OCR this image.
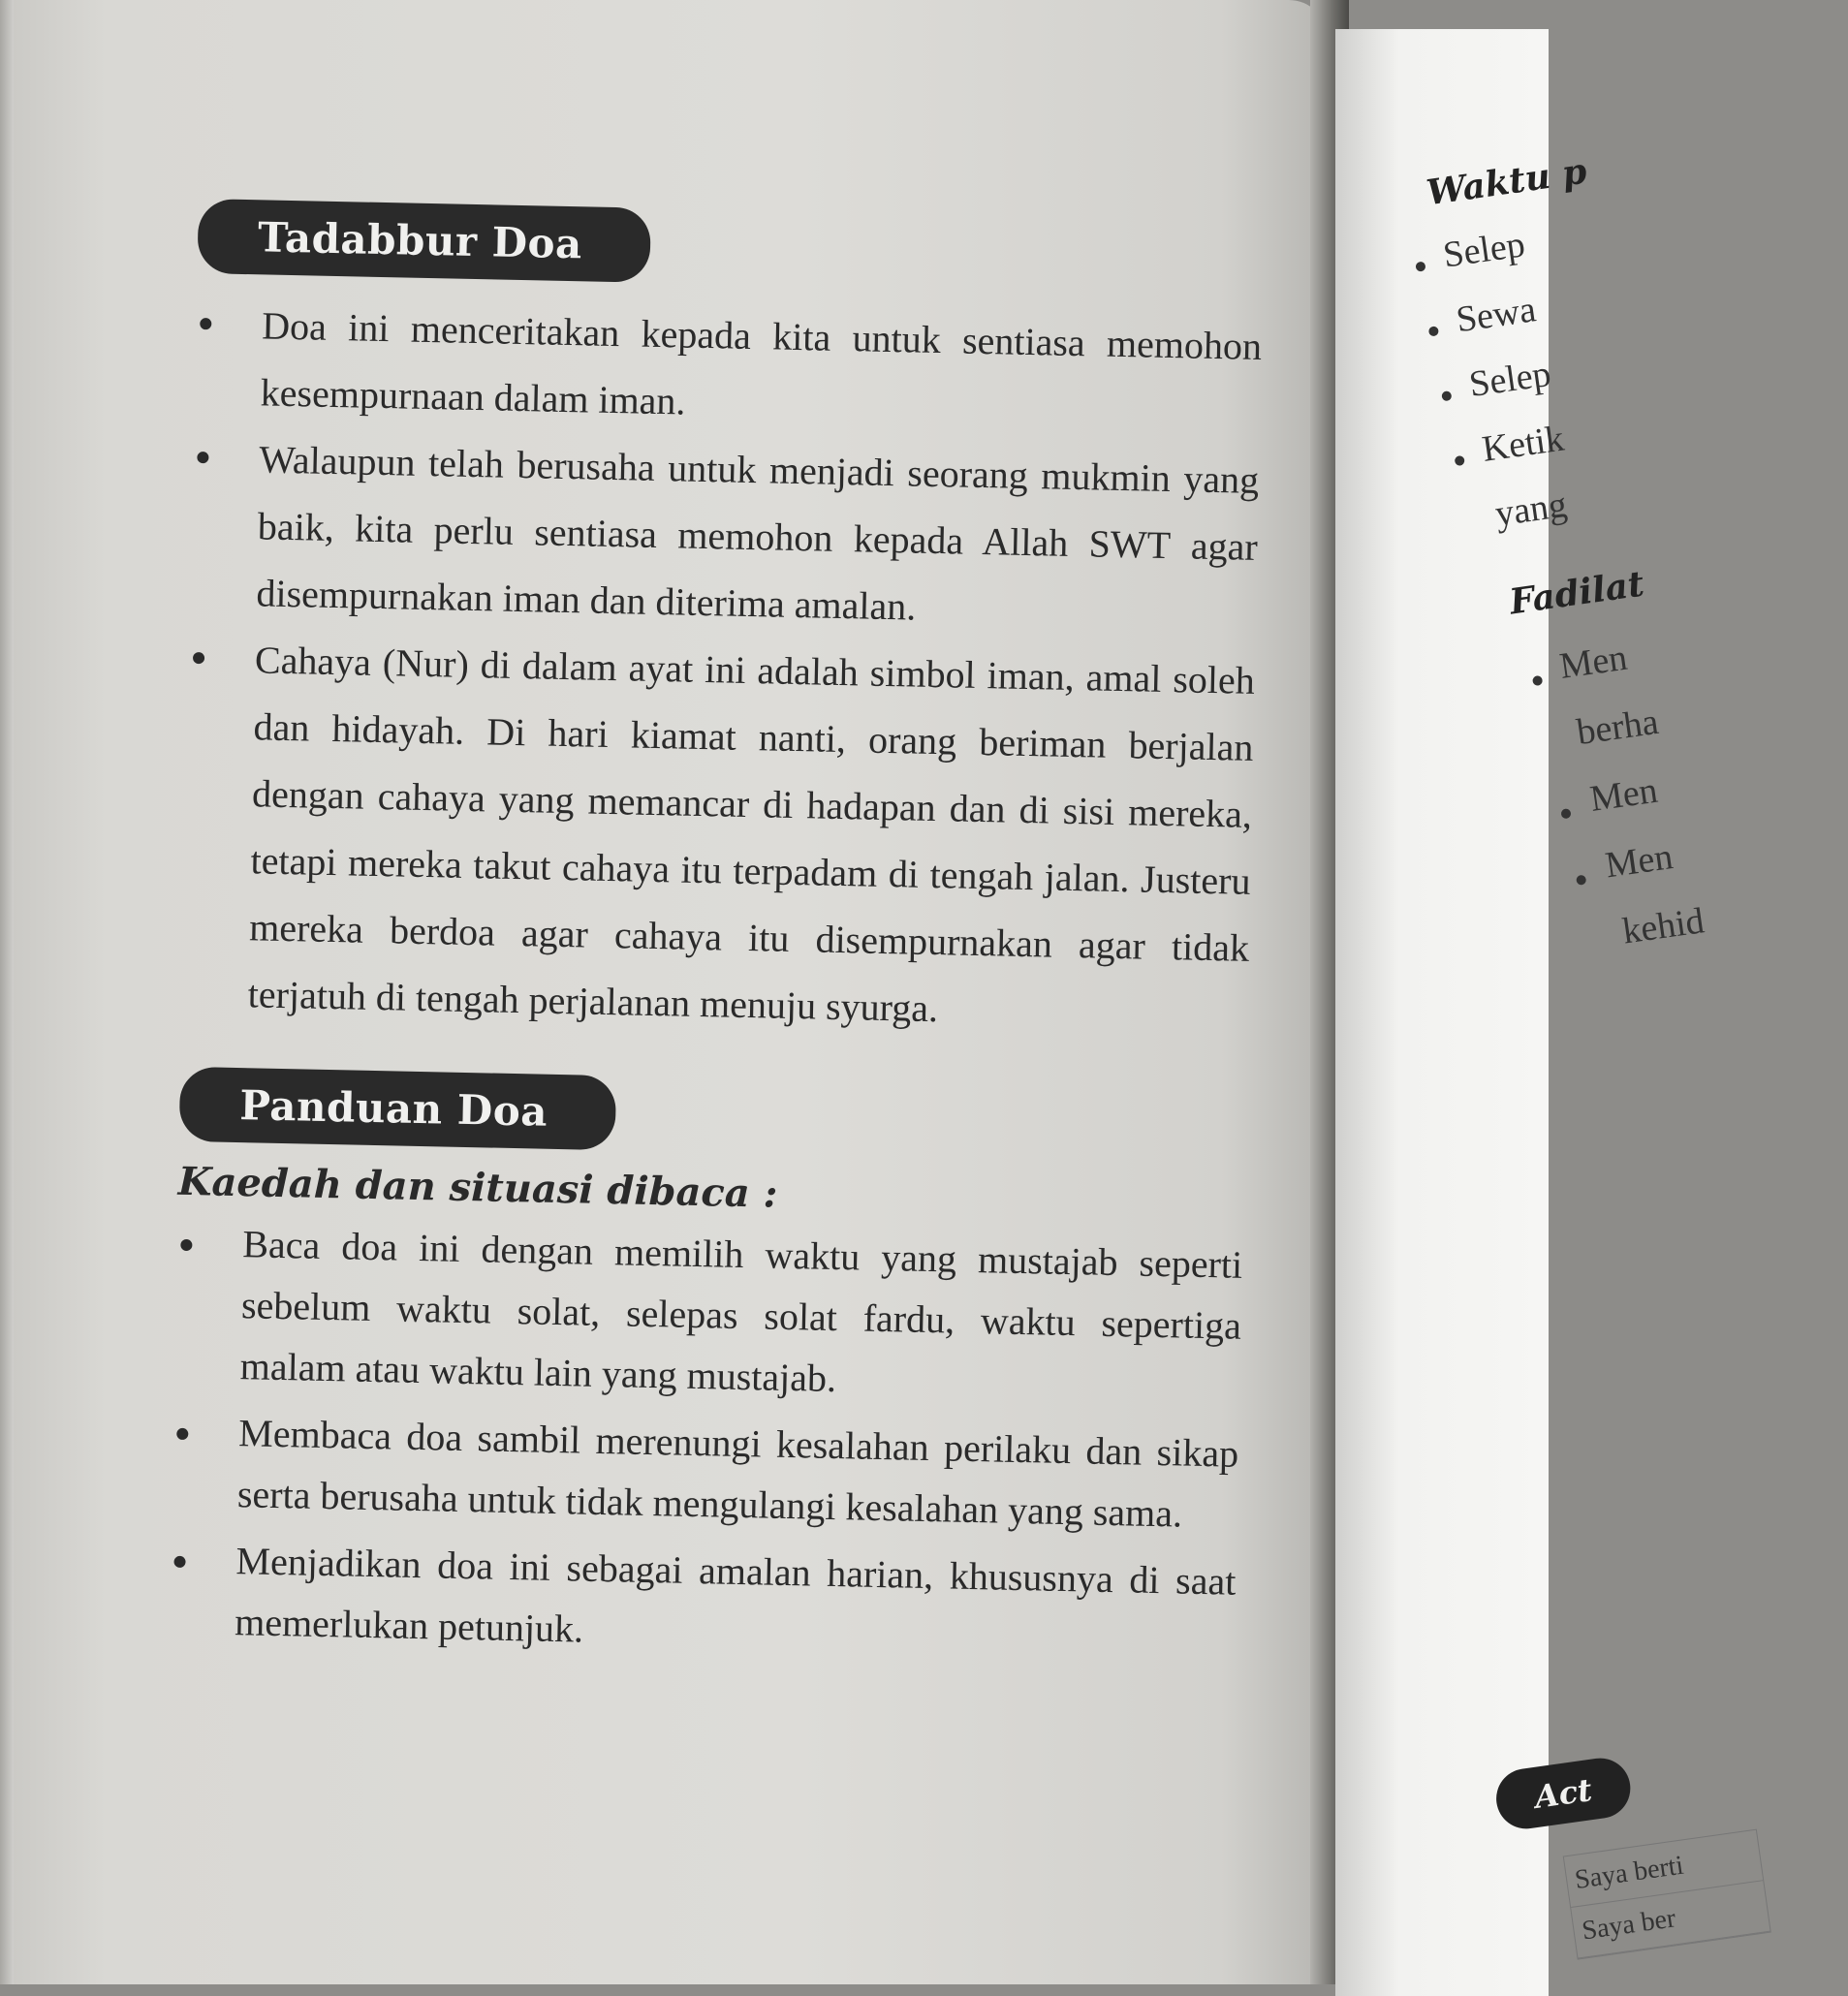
Tadabbur Doa
Doa ini menceritakan kepada kita untuk sentiasa memohon kesempurnaan dalam iman.
Walaupun telah berusaha untuk menjadi seorang mukmin yang baik, kita perlu sentiasa memohon kepada Allah SWT agar disempurnakan iman dan diterima amalan.
Cahaya (Nur) di dalam ayat ini adalah simbol iman, amal soleh dan hidayah. Di hari kiamat nanti, orang beriman berjalan dengan cahaya yang memancar di hadapan dan di sisi mereka, tetapi mereka takut cahaya itu terpadam di tengah jalan. Justeru mereka berdoa agar cahaya itu disempurnakan agar tidak terjatuh di tengah perjalanan menuju syurga.
Panduan Doa
Kaedah dan situasi dibaca :
Baca doa ini dengan memilih waktu yang mustajab seperti sebelum waktu solat, selepas solat fardu, waktu sepertiga malam atau waktu lain yang mustajab.
Membaca doa sambil merenungi kesalahan perilaku dan sikap serta berusaha untuk tidak mengulangi kesalahan yang sama.
Menjadikan doa ini sebagai amalan harian, khususnya di saat memerlukan petunjuk.
Waktu p
Selep
Sewa
Selep
Ketik
yang
Fadilat
Men
berha
Men
Men
kehid
Act
Saya berti
Saya ber
